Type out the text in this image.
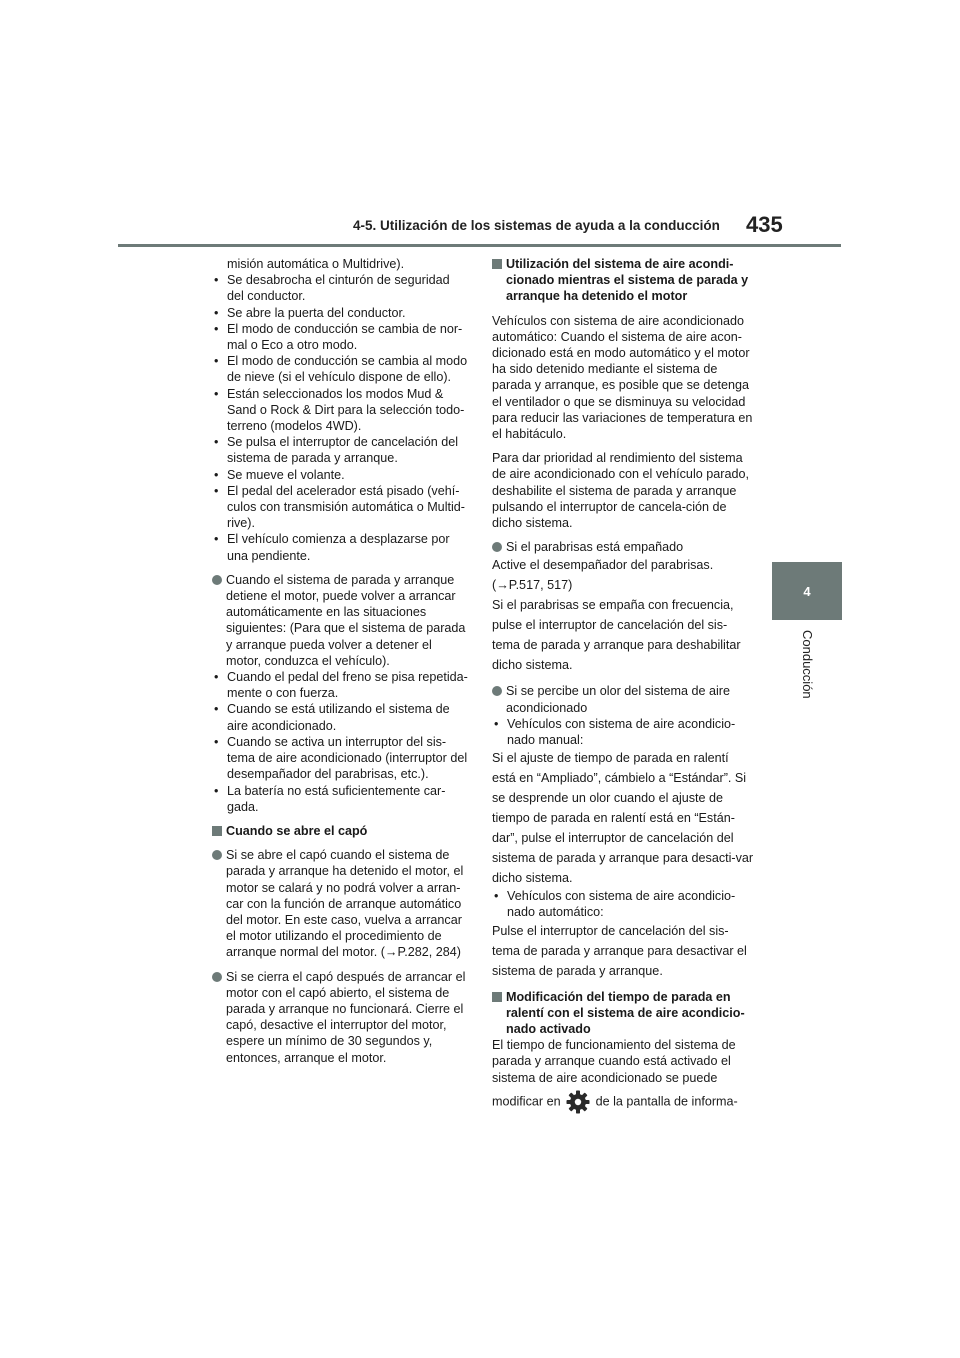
4-5. Utilización de los sistemas de ayuda a la conducción 435
4
Conducción

misión automática o Multidrive).

• Se desabrocha el cinturón de seguridad del conductor.

• Se abre la puerta del conductor.

• El modo de conducción se cambia de nor-mal o Eco a otro modo.

• El modo de conducción se cambia al modo de nieve (si el vehículo dispone de ello).

• Están seleccionados los modos Mud & Sand o Rock & Dirt para la selección todo-terreno (modelos 4WD).

• Se pulsa el interruptor de cancelación del sistema de parada y arranque.

• Se mueve el volante.

• El pedal del acelerador está pisado (vehí-culos con transmisión automática o Multid-rive).

• El vehículo comienza a desplazarse por una pendiente.

Cuando el sistema de parada y arranque detiene el motor, puede volver a arrancar automáticamente en las situaciones siguientes: (Para que el sistema de parada y arranque pueda volver a detener el motor, conduzca el vehículo).

• Cuando el pedal del freno se pisa repetida-mente o con fuerza.

• Cuando se está utilizando el sistema de aire acondicionado.

• Cuando se activa un interruptor del sis-tema de aire acondicionado (interruptor del desempañador del parabrisas, etc.).

• La batería no está suficientemente car-gada.

Cuando se abre el capó

Si se abre el capó cuando el sistema de parada y arranque ha detenido el motor, el motor se calará y no podrá volver a arran-car con la función de arranque automático del motor. En este caso, vuelva a arrancar el motor utilizando el procedimiento de arranque normal del motor. (→P.282, 284)

Si se cierra el capó después de arrancar el motor con el capó abierto, el sistema de parada y arranque no funcionará. Cierre el capó, desactive el interruptor del motor, espere un mínimo de 30 segundos y, entonces, arranque el motor.

Utilización del sistema de aire acondi-cionado mientras el sistema de parada y arranque ha detenido el motor

Vehículos con sistema de aire acondicionado automático: Cuando el sistema de aire acon-dicionado está en modo automático y el motor ha sido detenido mediante el sistema de parada y arranque, es posible que se detenga el ventilador o que se disminuya su velocidad para reducir las variaciones de temperatura en el habitáculo.

Para dar prioridad al rendimiento del sistema de aire acondicionado con el vehículo parado, deshabilite el sistema de parada y arranque pulsando el interruptor de cancela-ción de dicho sistema.

Si el parabrisas está empañado

Active el desempañador del parabrisas.

(→P.517, 517)

Si el parabrisas se empaña con frecuencia, pulse el interruptor de cancelación del sis-tema de parada y arranque para deshabilitar dicho sistema.

Si se percibe un olor del sistema de aire acondicionado

• Vehículos con sistema de aire acondicio-nado manual:

Si el ajuste de tiempo de parada en ralentí está en “Ampliado”, cámbielo a “Estándar”. Si se desprende un olor cuando el ajuste de tiempo de parada en ralentí está en “Están-dar”, pulse el interruptor de cancelación del sistema de parada y arranque para desacti-var dicho sistema.

• Vehículos con sistema de aire acondicio-nado automático:

Pulse el interruptor de cancelación del sis-tema de parada y arranque para desactivar el sistema de parada y arranque.

Modificación del tiempo de parada en ralentí con el sistema de aire acondicio-nado activado

El tiempo de funcionamiento del sistema de parada y arranque cuando está activado el sistema de aire acondicionado se puede

modificar en	de la pantalla de informa-
